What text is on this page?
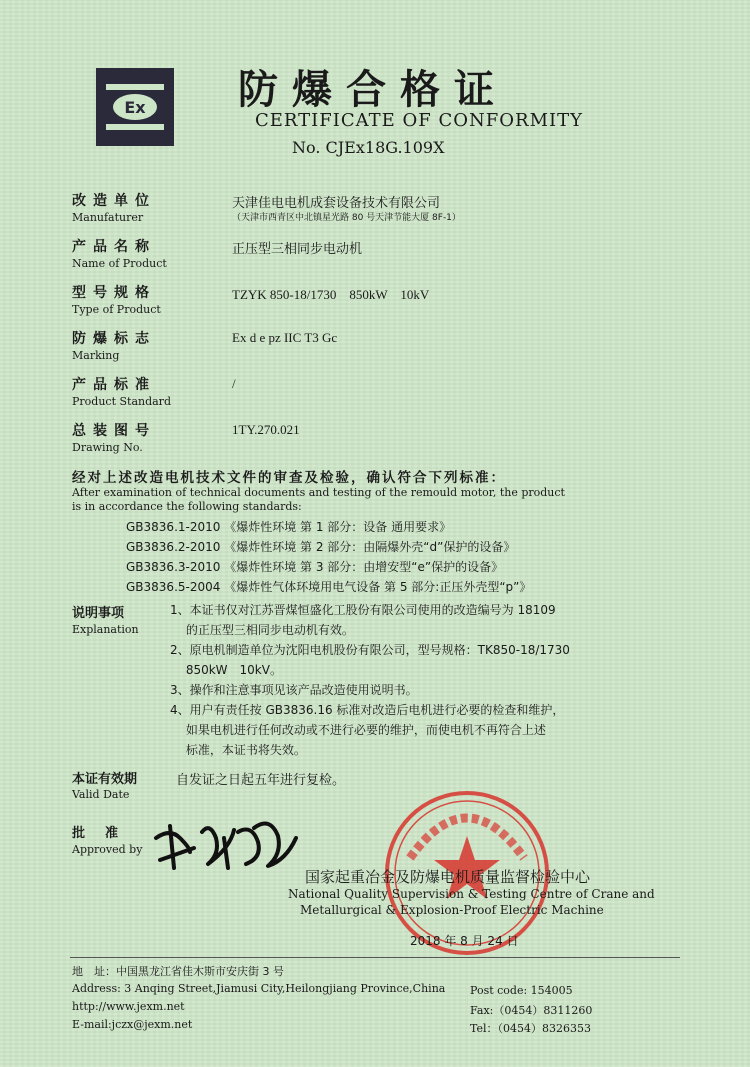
Ex 防爆合格证
CERTIFICATE OF CONFORMITY
No. CJEx18G.109X
改造单位
Manufaturer
天津佳电电机成套设备技术有限公司
（天津市西青区中北镇星光路 80 号天津节能大厦 8F-1）
产品名称
Name of Product
正压型三相同步电动机
型号规格
Type of Product
TZYK 850-18/1730　850kW　10kV
防爆标志
Marking
Ex d e pz IIC T3 Gc
产品标准
Product Standard
/
总装图号
Drawing No.
1TY.270.021
经对上述改造电机技术文件的审查及检验，确认符合下列标准：
After examination of technical documents and testing of the remould motor, the product
is in accordance the following standards:
GB3836.1-2010 《爆炸性环境 第 1 部分：设备 通用要求》
GB3836.2-2010 《爆炸性环境 第 2 部分：由隔爆外壳“d”保护的设备》
GB3836.3-2010 《爆炸性环境 第 3 部分：由增安型“e”保护的设备》
GB3836.5-2004 《爆炸性气体环境用电气设备 第 5 部分:正压外壳型“p”》
说明事项
Explanation
1、本证书仅对江苏晋煤恒盛化工股份有限公司使用的改造编号为 18109
　 的正压型三相同步电动机有效。
2、原电机制造单位为沈阳电机股份有限公司，型号规格：TK850-18/1730
　 850kW　10kV。
3、操作和注意事项见该产品改造使用说明书。
4、用户有责任按 GB3836.16 标准对改造后电机进行必要的检查和维护，
　 如果电机进行任何改动或不进行必要的维护，而使电机不再符合上述
　 标准，本证书将失效。
本证有效期
Valid Date
自发证之日起五年进行复检。
批准
Approved by
国家起重冶金及防爆电机质量监督检验中心
National Quality Supervision & Testing Centre of Crane and
Metallurgical & Explosion-Proof Electric Machine
2018 年 8 月 24 日
地　址：中国黑龙江省佳木斯市安庆街 3 号
Address: 3 Anqing Street,Jiamusi City,Heilongjiang Province,China
http://www.jexm.net
E-mail:jczx@jexm.net
Post code: 154005
Fax:（0454）8311260
Tel：（0454）8326353
